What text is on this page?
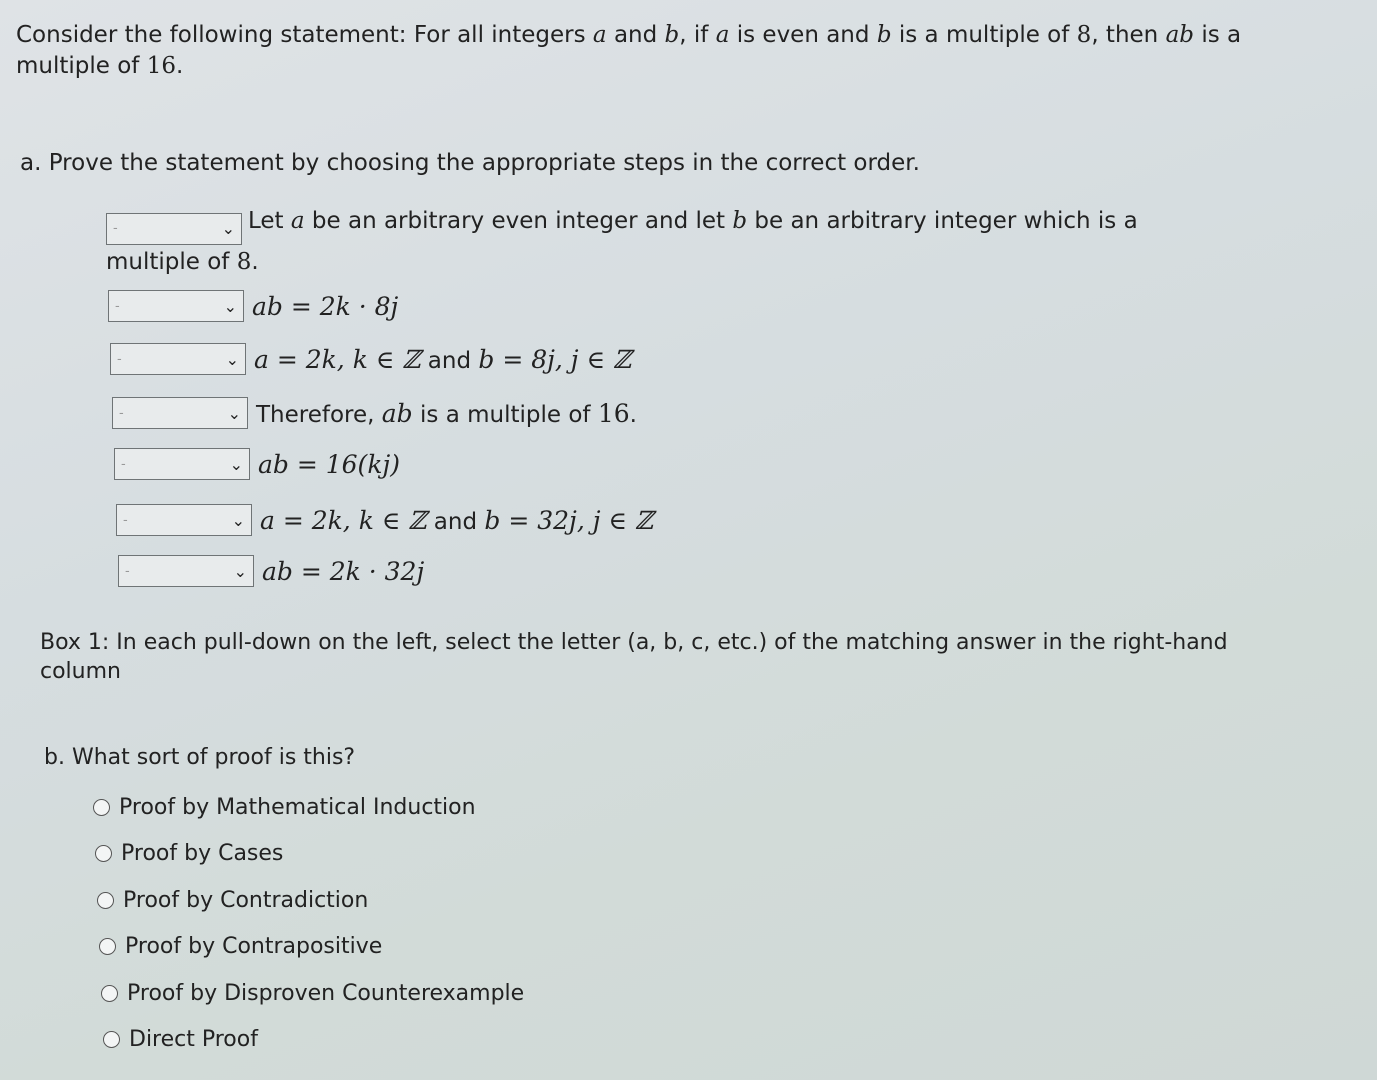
Consider the following statement: For all integers a and b, if a is even and b is a multiple of 8, then ab is a multiple of 16.
a. Prove the statement by choosing the appropriate steps in the correct order.
-	⌄ Let a be an arbitrary even integer and let b be an arbitrary integer which is a multiple of 8.
-	⌄ ab = 2k · 8j
-	⌄ a = 2k, k ∈ ℤ and b = 8j, j ∈ ℤ
-	⌄ Therefore, ab is a multiple of 16.
-	⌄ ab = 16(kj)
-	⌄ a = 2k, k ∈ ℤ and b = 32j, j ∈ ℤ
-	⌄ ab = 2k · 32j
Box 1: In each pull-down on the left, select the letter (a, b, c, etc.) of the matching answer in the right-hand column
b. What sort of proof is this?
Proof by Mathematical Induction
Proof by Cases
Proof by Contradiction
Proof by Contrapositive
Proof by Disproven Counterexample
Direct Proof
